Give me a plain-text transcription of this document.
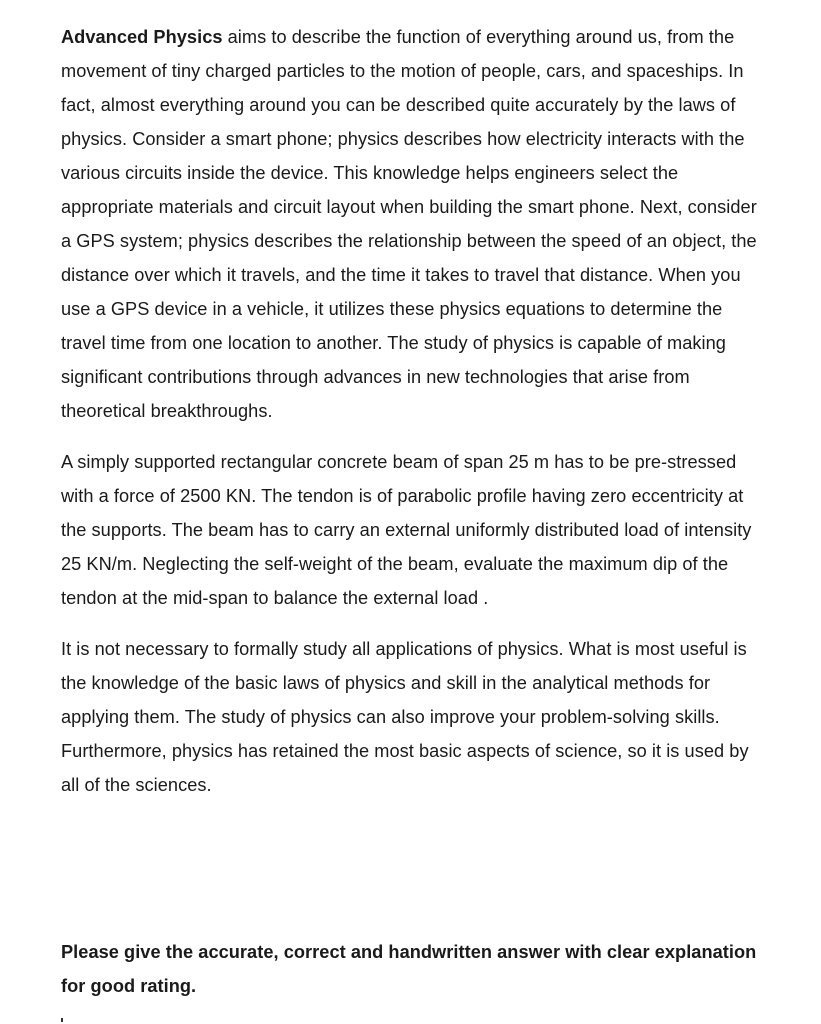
Advanced Physics aims to describe the function of everything around us, from the movement of tiny charged particles to the motion of people, cars, and spaceships. In fact, almost everything around you can be described quite accurately by the laws of physics. Consider a smart phone; physics describes how electricity interacts with the various circuits inside the device. This knowledge helps engineers select the appropriate materials and circuit layout when building the smart phone. Next, consider a GPS system; physics describes the relationship between the speed of an object, the distance over which it travels, and the time it takes to travel that distance. When you use a GPS device in a vehicle, it utilizes these physics equations to determine the travel time from one location to another. The study of physics is capable of making significant contributions through advances in new technologies that arise from theoretical breakthroughs.

A simply supported rectangular concrete beam of span 25 m has to be pre-stressed with a force of 2500 KN. The tendon is of parabolic profile having zero eccentricity at the supports. The beam has to carry an external uniformly distributed load of intensity 25 KN/m. Neglecting the self-weight of the beam, evaluate the maximum dip of the tendon at the mid-span to balance the external load .

It is not necessary to formally study all applications of physics. What is most useful is the knowledge of the basic laws of physics and skill in the analytical methods for applying them. The study of physics can also improve your problem-solving skills. Furthermore, physics has retained the most basic aspects of science, so it is used by all of the sciences.

Please give the accurate, correct and handwritten answer with clear explanation for good rating.
